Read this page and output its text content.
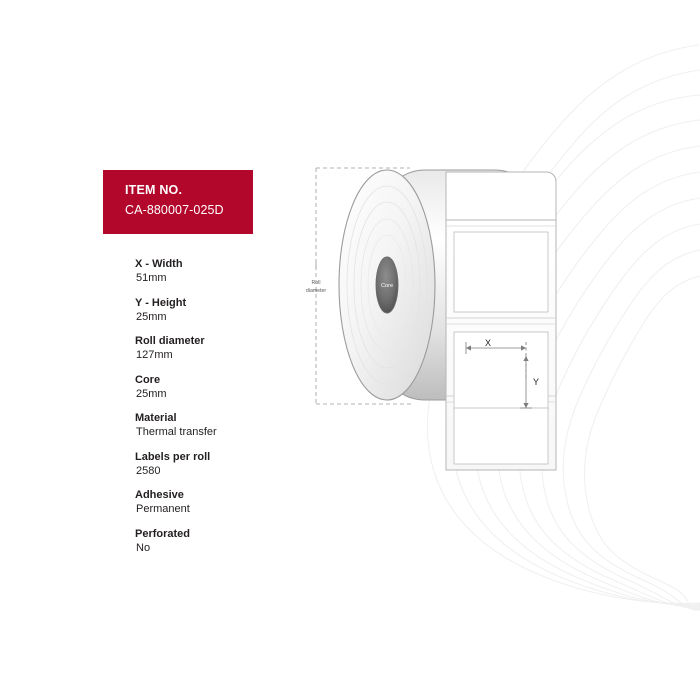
ITEM NO.
CA-880007-025D
X - Width
51mm
Y - Height
25mm
Roll diameter
127mm
Core
25mm
Material
Thermal transfer
Labels per roll
2580
Adhesive
Permanent
Perforated
No
Roll
diameter
Core
X
Y
